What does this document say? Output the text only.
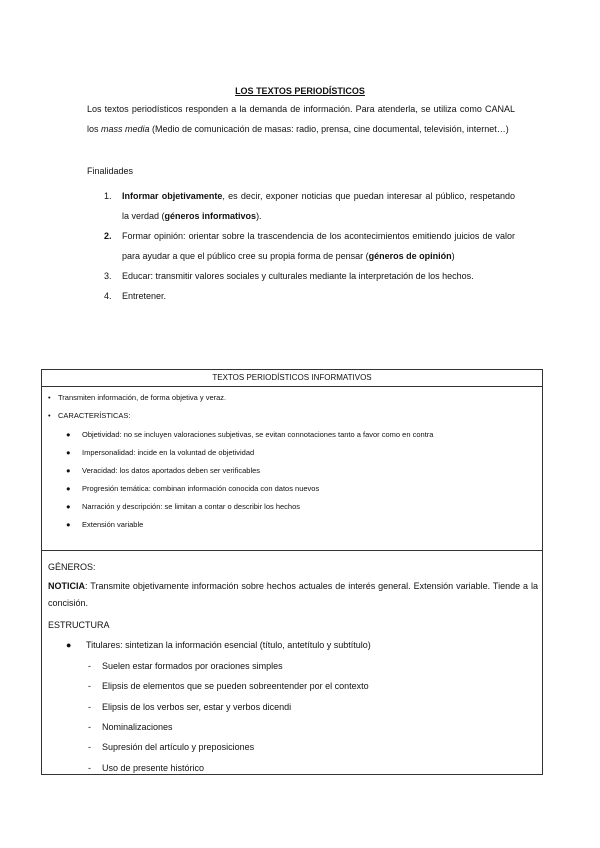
LOS TEXTOS PERIODÍSTICOS
Los textos periodísticos responden a la demanda de información. Para atenderla, se utiliza como CANAL los mass media (Medio de comunicación de masas: radio, prensa, cine documental, televisión, internet…)
Finalidades
1.	Informar objetivamente, es decir, exponer noticias que puedan interesar al público, respetando la verdad (géneros informativos).
2.	Formar opinión: orientar sobre la trascendencia de los acontecimientos emitiendo juicios de valor para ayudar a que el público cree su propia forma de pensar (géneros de opinión)
3.	Educar: transmitir valores sociales y culturales mediante la interpretación de los hechos.
4.	Entretener.
TEXTOS PERIODÍSTICOS INFORMATIVOS
• Transmiten información, de forma objetiva y veraz.
• CARACTERÍSTICAS:
● Objetividad: no se incluyen valoraciones subjetivas, se evitan connotaciones tanto a favor como en contra
● Impersonalidad: incide en la voluntad de objetividad
● Veracidad: los datos aportados deben ser verificables
● Progresión temática: combinan información conocida con datos nuevos
● Narración y descripción: se limitan a contar o describir los hechos
● Extensión variable
GÉNEROS:
NOTICIA: Transmite objetivamente información sobre hechos actuales de interés general. Extensión variable. Tiende a la concisión.
ESTRUCTURA
● Titulares: sintetizan la información esencial (título, antetítulo y subtítulo)
- Suelen estar formados por oraciones simples
- Elipsis de elementos que se pueden sobreentender por el contexto
- Elipsis de los verbos ser, estar y verbos dicendi
- Nominalizaciones
- Supresión del artículo y preposiciones
- Uso de presente histórico
